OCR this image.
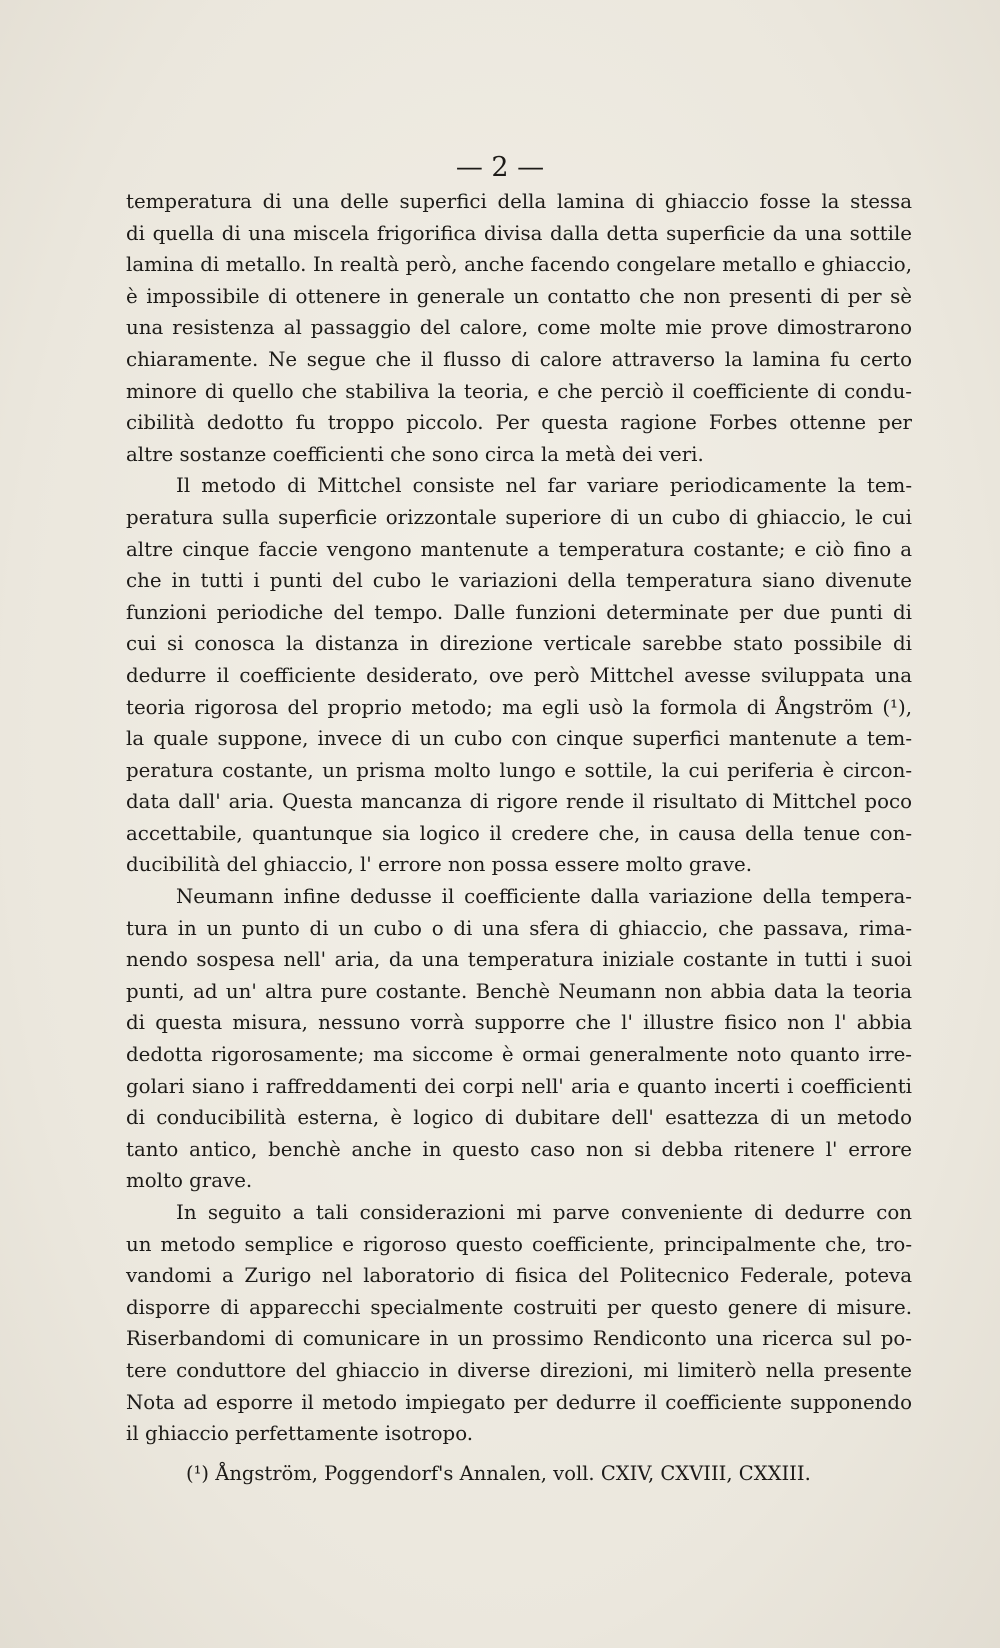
— 2 —
temperatura di una delle superfici della lamina di ghiaccio fosse la stessa
di quella di una miscela frigorifica divisa dalla detta superficie da una sottile
lamina di metallo. In realtà però, anche facendo congelare metallo e ghiaccio,
è impossibile di ottenere in generale un contatto che non presenti di per sè
una resistenza al passaggio del calore, come molte mie prove dimostrarono
chiaramente. Ne segue che il flusso di calore attraverso la lamina fu certo
minore di quello che stabiliva la teoria, e che perciò il coefficiente di condu-
cibilità dedotto fu troppo piccolo. Per questa ragione Forbes ottenne per
altre sostanze coefficienti che sono circa la metà dei veri.
Il metodo di Mittchel consiste nel far variare periodicamente la tem-
peratura sulla superficie orizzontale superiore di un cubo di ghiaccio, le cui
altre cinque faccie vengono mantenute a temperatura costante; e ciò fino a
che in tutti i punti del cubo le variazioni della temperatura siano divenute
funzioni periodiche del tempo. Dalle funzioni determinate per due punti di
cui si conosca la distanza in direzione verticale sarebbe stato possibile di
dedurre il coefficiente desiderato, ove però Mittchel avesse sviluppata una
teoria rigorosa del proprio metodo; ma egli usò la formola di Ångström (¹),
la quale suppone, invece di un cubo con cinque superfici mantenute a tem-
peratura costante, un prisma molto lungo e sottile, la cui periferia è circon-
data dall' aria. Questa mancanza di rigore rende il risultato di Mittchel poco
accettabile, quantunque sia logico il credere che, in causa della tenue con-
ducibilità del ghiaccio, l' errore non possa essere molto grave.
Neumann infine dedusse il coefficiente dalla variazione della tempera-
tura in un punto di un cubo o di una sfera di ghiaccio, che passava, rima-
nendo sospesa nell' aria, da una temperatura iniziale costante in tutti i suoi
punti, ad un' altra pure costante. Benchè Neumann non abbia data la teoria
di questa misura, nessuno vorrà supporre che l' illustre fisico non l' abbia
dedotta rigorosamente; ma siccome è ormai generalmente noto quanto irre-
golari siano i raffreddamenti dei corpi nell' aria e quanto incerti i coefficienti
di conducibilità esterna, è logico di dubitare dell' esattezza di un metodo
tanto antico, benchè anche in questo caso non si debba ritenere l' errore
molto grave.
In seguito a tali considerazioni mi parve conveniente di dedurre con
un metodo semplice e rigoroso questo coefficiente, principalmente che, tro-
vandomi a Zurigo nel laboratorio di fisica del Politecnico Federale, poteva
disporre di apparecchi specialmente costruiti per questo genere di misure.
Riserbandomi di comunicare in un prossimo Rendiconto una ricerca sul po-
tere conduttore del ghiaccio in diverse direzioni, mi limiterò nella presente
Nota ad esporre il metodo impiegato per dedurre il coefficiente supponendo
il ghiaccio perfettamente isotropo.
(¹) Ångström, Poggendorf's Annalen, voll. CXIV, CXVIII, CXXIII.
